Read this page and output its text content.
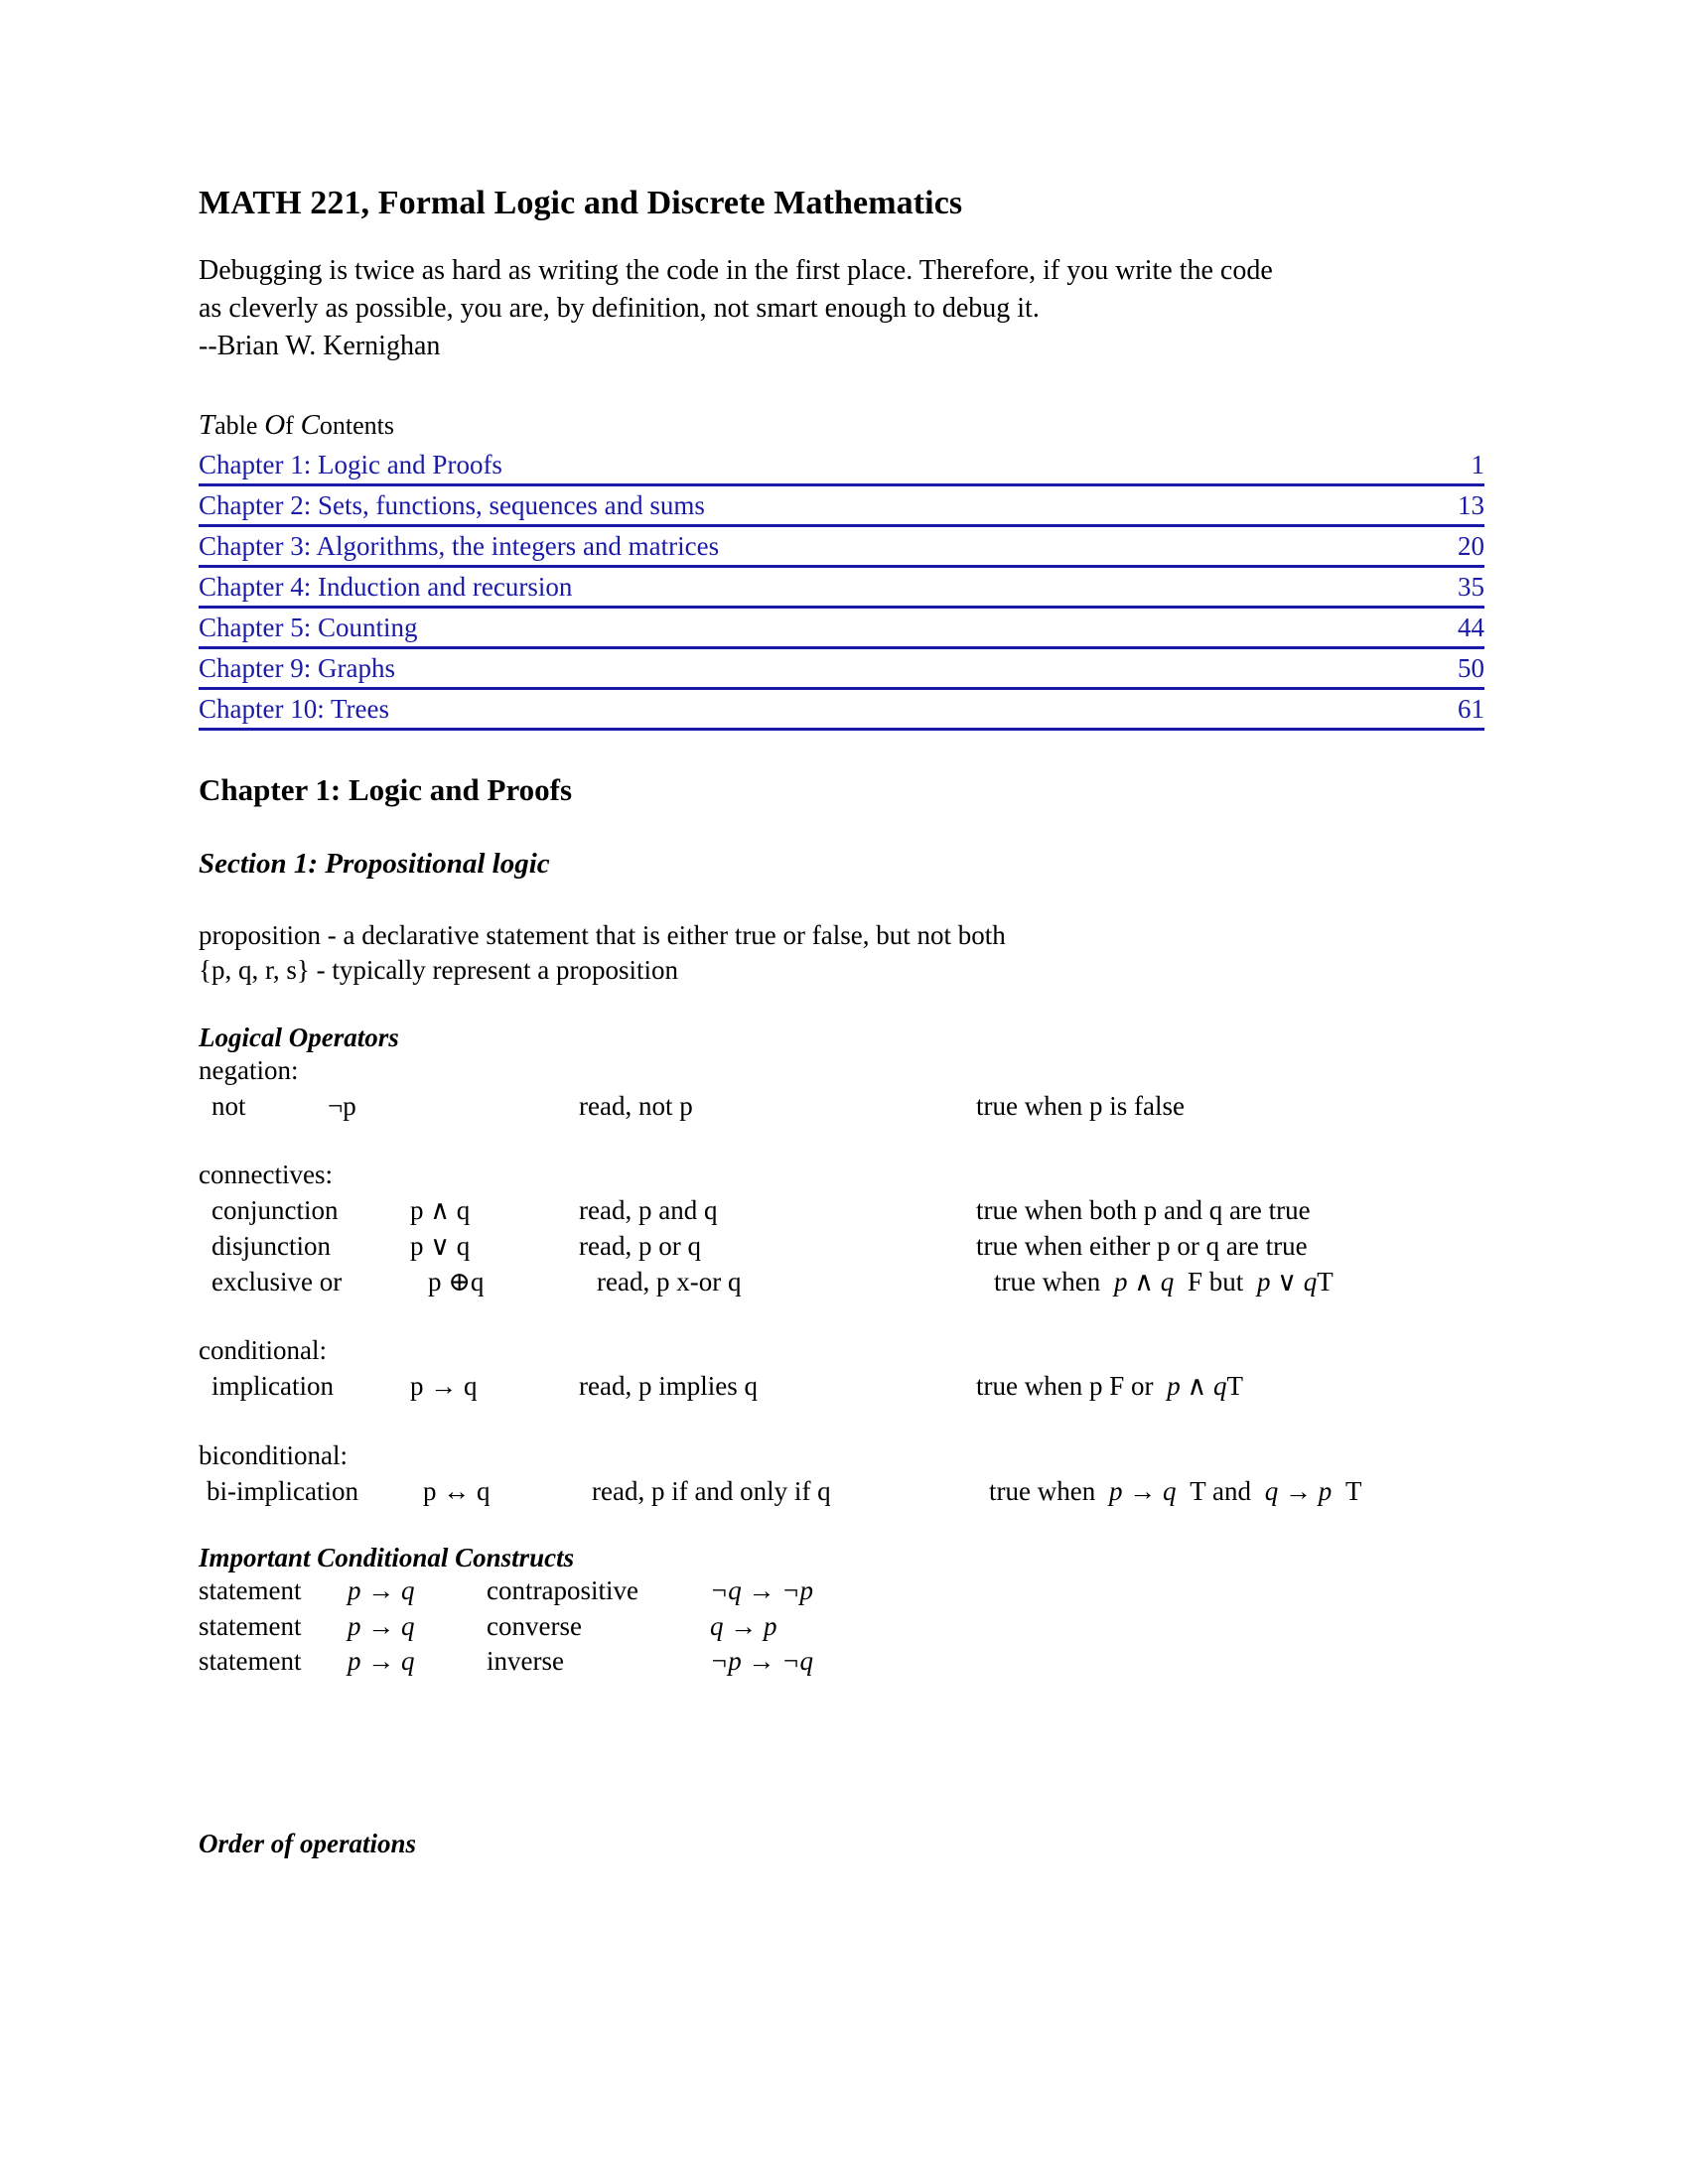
MATH 221, Formal Logic and Discrete Mathematics

Debugging is twice as hard as writing the code in the first place. Therefore, if you write the code

as cleverly as possible, you are, by definition, not smart enough to debug it.

--Brian W. Kernighan

Table Of Contents
Chapter 1: Logic and Proofs	1
Chapter 2: Sets, functions, sequences and sums	13
Chapter 3: Algorithms, the integers and matrices	20
Chapter 4: Induction and recursion	35
Chapter 5: Counting	44
Chapter 9: Graphs	50
Chapter 10: Trees	61
Chapter 1: Logic and Proofs
Section 1: Propositional logic

proposition - a declarative statement that is either true or false, but not both

{p, q, r, s} - typically represent a proposition

Logical Operators
negation:
not	¬p	read, not p	true when p is false
connectives:
conjunction	p ∧ q	read, p and q	true when both p and q are true
disjunction	p ∨ q	read, p or q	true when either p or q are true
exclusive or	p ⊕q	read, p x-or q	true when p ∧ q F but p ∨ qT
conditional:
implication	p → q	read, p implies q	true when p F or p ∧ qT
biconditional:
bi-implication	p ↔ q	read, p if and only if q	true when p → q T and q → p T
Important Conditional Constructs
statement	p → q	contrapositive	¬q → ¬p
statement	p → q	converse	q → p
statement	p → q	inverse	¬p → ¬q
Order of operations
